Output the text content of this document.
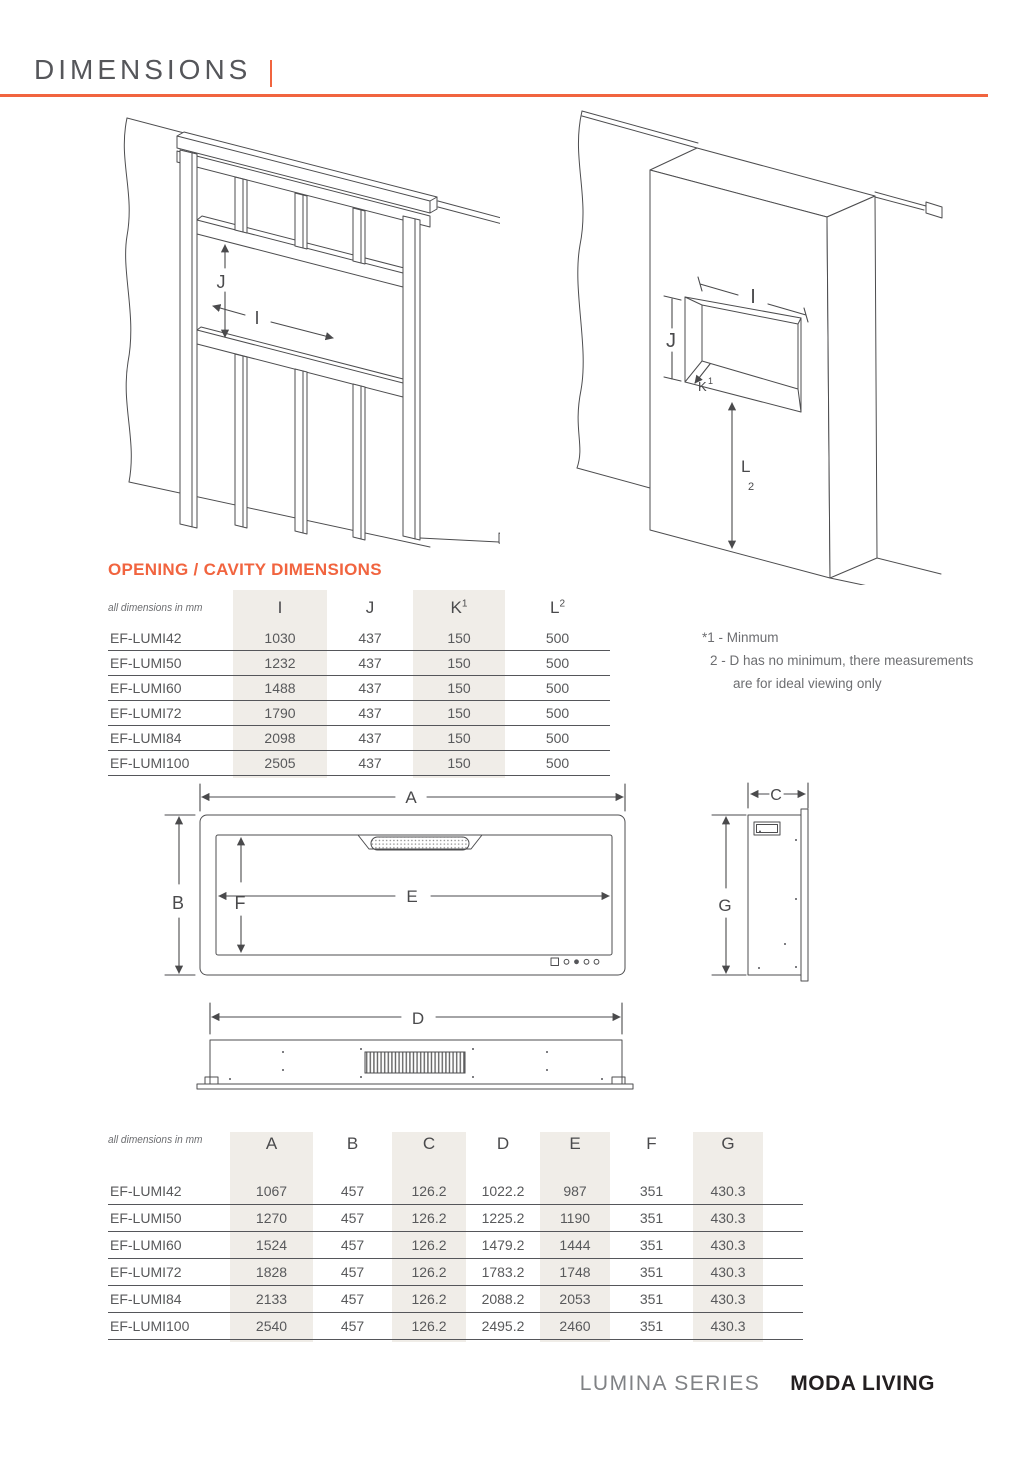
DIMENSIONS
J
I
I
J
K 1
L
2
OPENING / CAVITY DIMENSIONS
all dimensions in mm	I	J	$K^1$	$L^2$
EF-LUMI42	1030	437	150	500
EF-LUMI50	1232	437	150	500
EF-LUMI60	1488	437	150	500
EF-LUMI72	1790	437	150	500
EF-LUMI84	2098	437	150	500
EF-LUMI100	2505	437	150	500
*1 - Minmum
2 - D has no minimum, there measurements
are for ideal viewing only
A
B	E
F
C
G
D
all dimensions in mm	A	B	C	D	E	F	G
EF-LUMI42	1067	457	126.2	1022.2	987	351	430.3
EF-LUMI50	1270	457	126.2	1225.2	1190	351	430.3
EF-LUMI60	1524	457	126.2	1479.2	1444	351	430.3
EF-LUMI72	1828	457	126.2	1783.2	1748	351	430.3
EF-LUMI84	2133	457	126.2	2088.2	2053	351	430.3
EF-LUMI100	2540	457	126.2	2495.2	2460	351	430.3
LUMINA SERIES MODA LIVING
